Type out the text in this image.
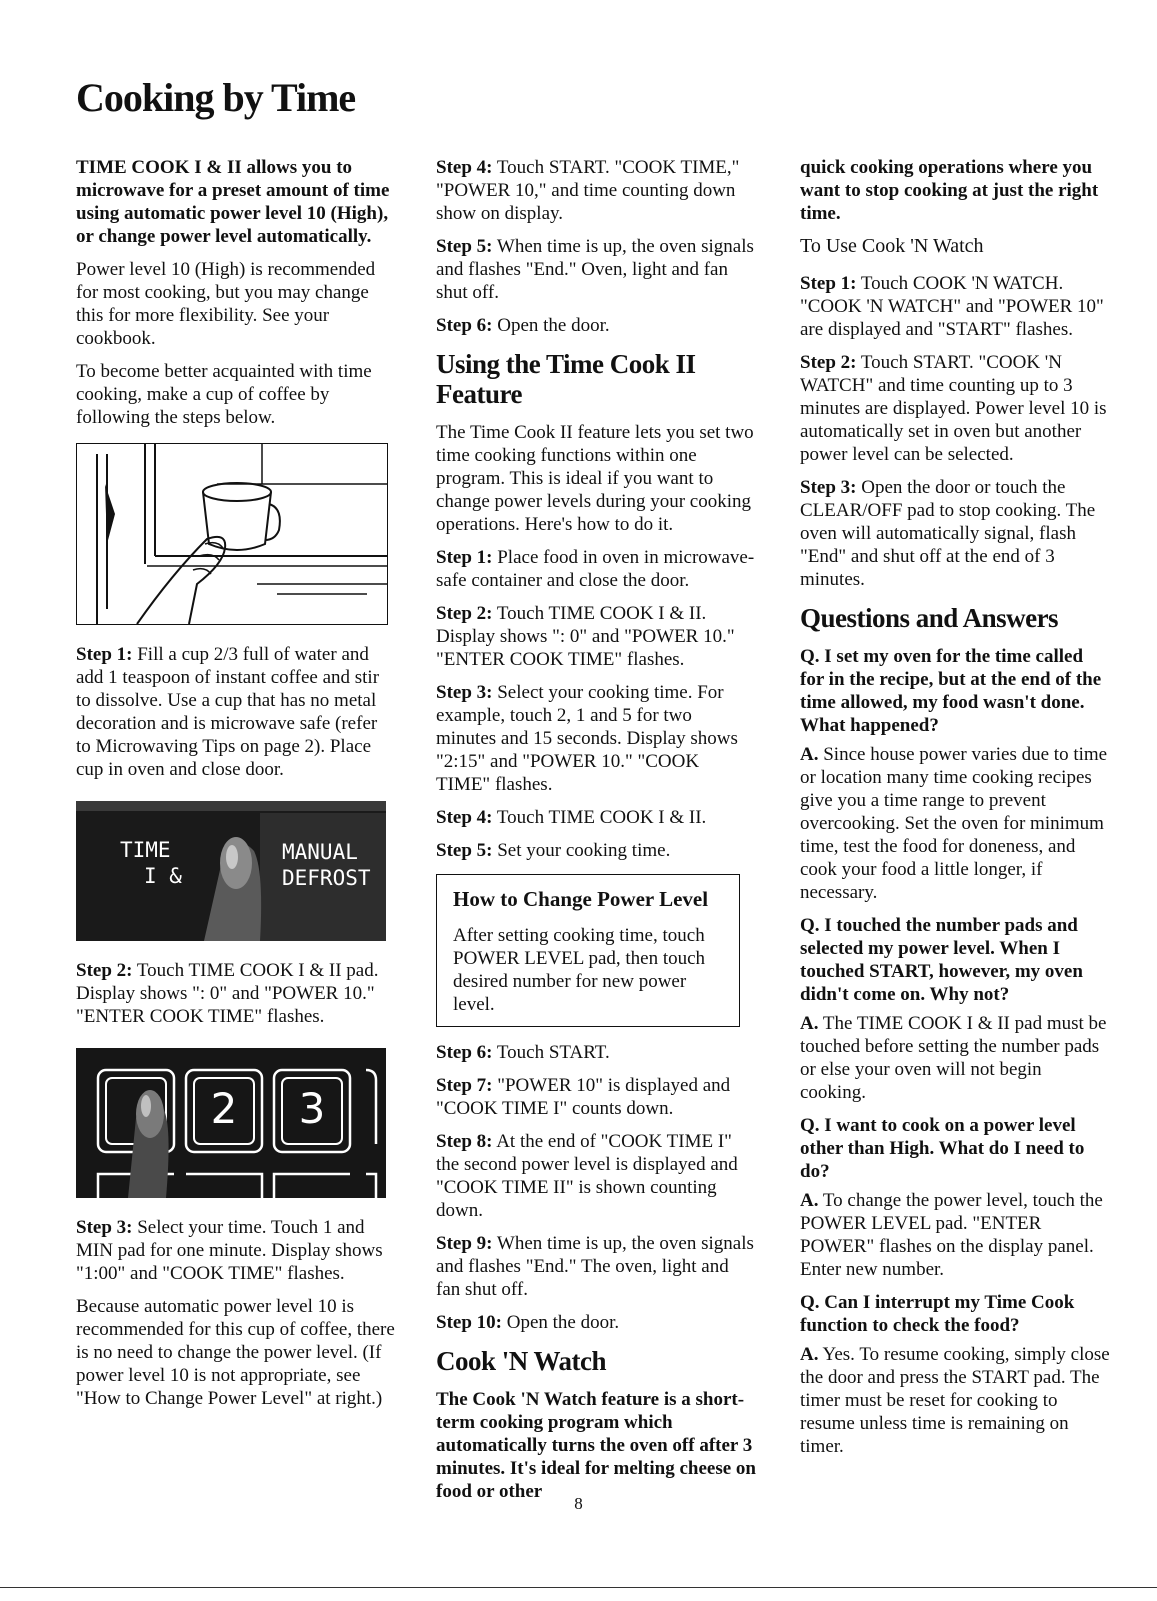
Cooking by Time

TIME COOK I & II allows you to microwave for a preset amount of time using automatic power level 10 (High), or change power level automatically.

Power level 10 (High) is recommended for most cooking, but you may change this for more flexibility. See your cookbook.

To become better acquainted with time cooking, make a cup of coffee by following the steps below.

Step 1: Fill a cup 2/3 full of water and add 1 teaspoon of instant coffee and stir to dissolve. Use a cup that has no metal decoration and is microwave safe (refer to Microwaving Tips on page 2). Place cup in oven and close door.

TIME
I &
MANUAL
DEFROST

Step 2: Touch TIME COOK I & II pad. Display shows ": 0" and "POWER 10." "ENTER COOK TIME" flashes.

2	3

Step 3: Select your time. Touch 1 and MIN pad for one minute. Display shows "1:00" and "COOK TIME" flashes.

Because automatic power level 10 is recommended for this cup of coffee, there is no need to change the power level. (If power level 10 is not appropriate, see "How to Change Power Level" at right.)

Step 4: Touch START. "COOK TIME," "POWER 10," and time counting down show on display.

Step 5: When time is up, the oven signals and flashes "End." Oven, light and fan shut off.

Step 6: Open the door.

Using the Time Cook II Feature

The Time Cook II feature lets you set two time cooking functions within one program. This is ideal if you want to change power levels during your cooking operations. Here's how to do it.

Step 1: Place food in oven in microwave-safe container and close the door.

Step 2: Touch TIME COOK I & II. Display shows ": 0" and "POWER 10." "ENTER COOK TIME" flashes.

Step 3: Select your cooking time. For example, touch 2, 1 and 5 for two minutes and 15 seconds. Display shows "2:15" and "POWER 10." "COOK TIME" flashes.

Step 4: Touch TIME COOK I & II.

Step 5: Set your cooking time.

How to Change Power Level

After setting cooking time, touch POWER LEVEL pad, then touch desired number for new power level.

Step 6: Touch START.

Step 7: "POWER 10" is displayed and "COOK TIME I" counts down.

Step 8: At the end of "COOK TIME I" the second power level is displayed and "COOK TIME II" is shown counting down.

Step 9: When time is up, the oven signals and flashes "End." The oven, light and fan shut off.

Step 10: Open the door.

Cook 'N Watch

The Cook 'N Watch feature is a short-term cooking program which automatically turns the oven off after 3 minutes. It's ideal for melting cheese on food or other

quick cooking operations where you want to stop cooking at just the right time.

To Use Cook 'N Watch

Step 1: Touch COOK 'N WATCH. "COOK 'N WATCH" and "POWER 10" are displayed and "START" flashes.

Step 2: Touch START. "COOK 'N WATCH" and time counting up to 3 minutes are displayed. Power level 10 is automatically set in oven but another power level can be selected.

Step 3: Open the door or touch the CLEAR/OFF pad to stop cooking. The oven will automatically signal, flash "End" and shut off at the end of 3 minutes.

Questions and Answers

Q. I set my oven for the time called for in the recipe, but at the end of the time allowed, my food wasn't done. What happened?

A. Since house power varies due to time or location many time cooking recipes give you a time range to prevent overcooking. Set the oven for minimum time, test the food for doneness, and cook your food a little longer, if necessary.

Q. I touched the number pads and selected my power level. When I touched START, however, my oven didn't come on. Why not?

A. The TIME COOK I & II pad must be touched before setting the number pads or else your oven will not begin cooking.

Q. I want to cook on a power level other than High. What do I need to do?

A. To change the power level, touch the POWER LEVEL pad. "ENTER POWER" flashes on the display panel. Enter new number.

Q. Can I interrupt my Time Cook function to check the food?

A. Yes. To resume cooking, simply close the door and press the START pad. The timer must be reset for cooking to resume unless time is remaining on timer.

8
